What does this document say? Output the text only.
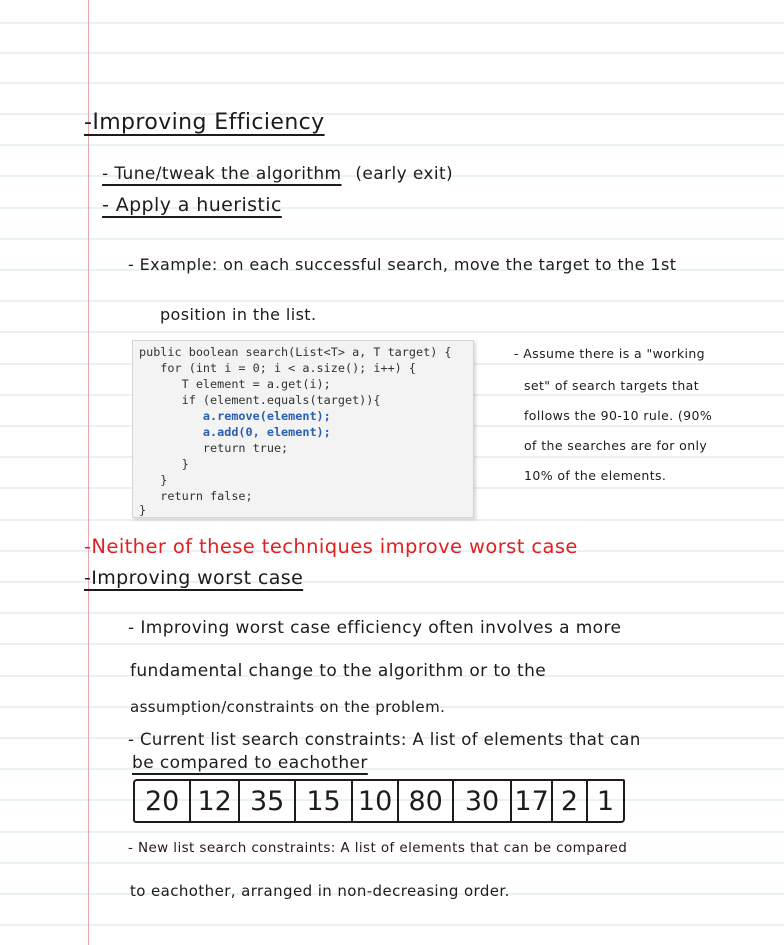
-Improving Efficiency
- Tune/tweak the algorithm (early exit)
- Apply a hueristic
- Example: on each successful search, move the target to the 1st
position in the list.
public boolean search(List<T> a, T target) {
for (int i = 0; i < a.size(); i++) {
T element = a.get(i);
if (element.equals(target)){
a.remove(element);
a.add(0, element);
return true;
}
}
return false;
}
- Assume there is a "working
set" of search targets that
follows the 90-10 rule. (90%
of the searches are for only
10% of the elements.
-Neither of these techniques improve worst case
-Improving worst case
- Improving worst case efficiency often involves a more
fundamental change to the algorithm or to the
assumption/constraints on the problem.
- Current list search constraints: A list of elements that can
be compared to eachother
20 12 35 15 10 80 30 17 2 1
- New list search constraints: A list of elements that can be compared
to eachother, arranged in non-decreasing order.
